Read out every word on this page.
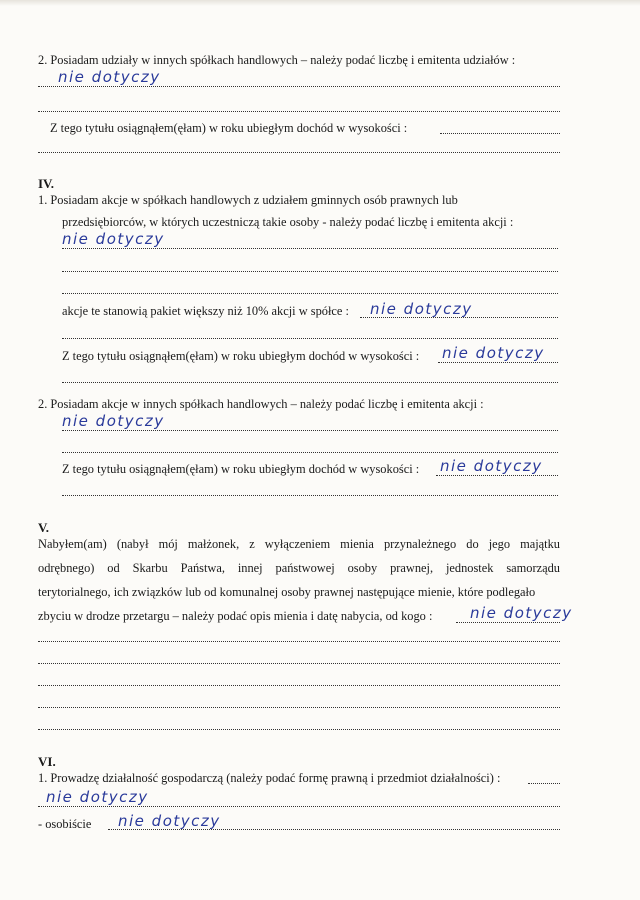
2. Posiadam udziały w innych spółkach handlowych – należy podać liczbę i emitenta udziałów :
nie dotyczy
Z tego tytułu osiągnąłem(ęłam) w roku ubiegłym dochód w wysokości :
IV.
1. Posiadam akcje w spółkach handlowych z udziałem gminnych osób prawnych lub
przedsiębiorców, w których uczestniczą takie osoby - należy podać liczbę i emitenta akcji :
nie dotyczy
akcje te stanowią pakiet większy niż 10% akcji w spółce :	nie dotyczy
Z tego tytułu osiągnąłem(ęłam) w roku ubiegłym dochód w wysokości :	nie dotyczy
2. Posiadam akcje w innych spółkach handlowych – należy podać liczbę i emitenta akcji :
nie dotyczy
Z tego tytułu osiągnąłem(ęłam) w roku ubiegłym dochód w wysokości :	nie dotyczy
V.
Nabyłem(am) (nabył mój małżonek, z wyłączeniem mienia przynależnego do jego majątku
odrębnego) od Skarbu Państwa, innej państwowej osoby prawnej, jednostek samorządu
terytorialnego, ich związków lub od komunalnej osoby prawnej następujące mienie, które podlegało
zbyciu w drodze przetargu – należy podać opis mienia i datę nabycia, od kogo :	nie dotyczy
VI.
1. Prowadzę działalność gospodarczą (należy podać formę prawną i przedmiot działalności) :
nie dotyczy
- osobiście	nie dotyczy
